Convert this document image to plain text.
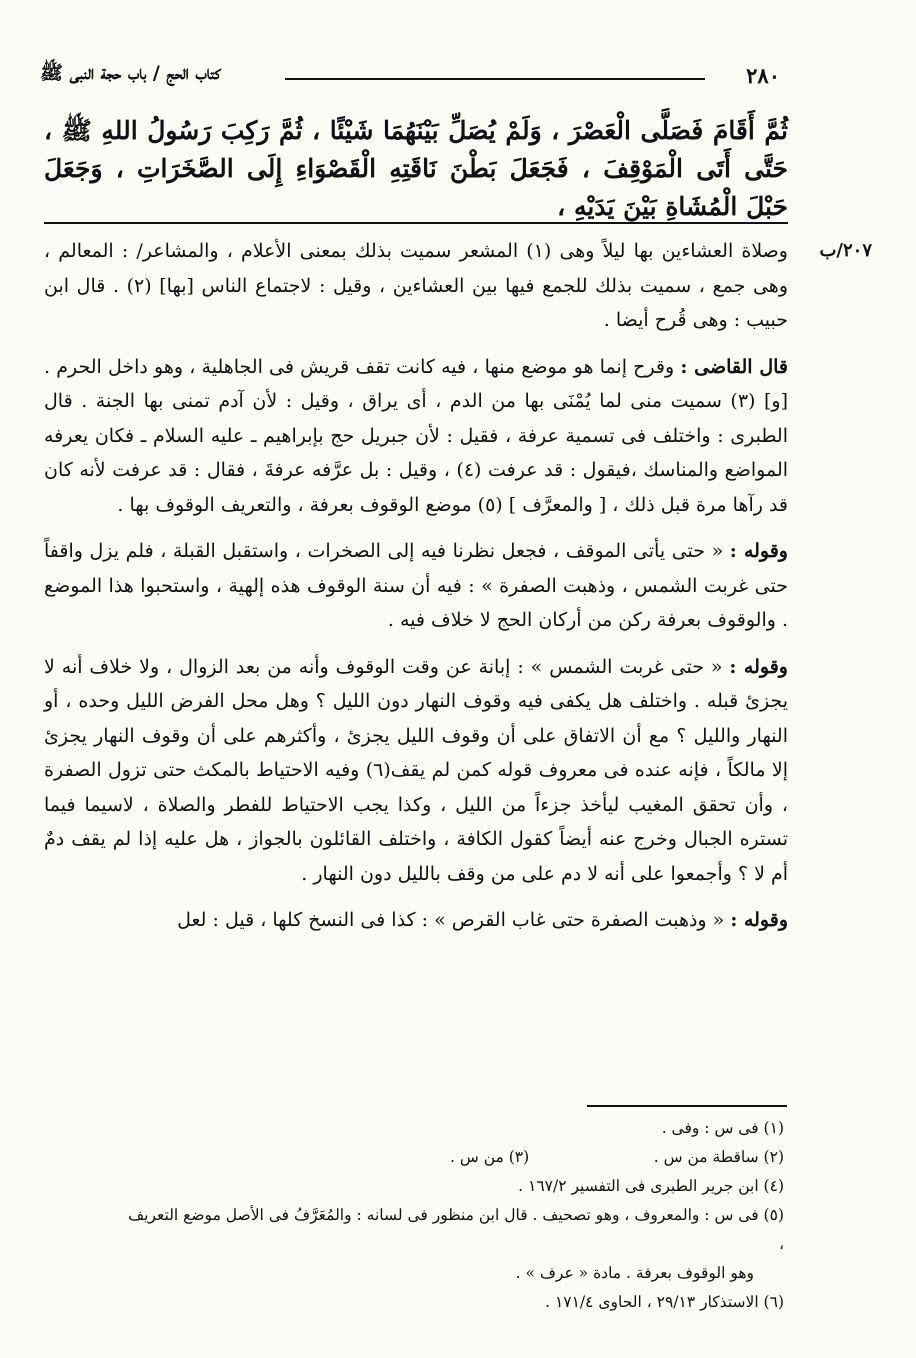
٢٨٠
كتاب الحج / باب حجة النبى ﷺ
ثُمَّ أَقَامَ فَصَلَّى الْعَصْرَ ، وَلَمْ يُصَلِّ بَيْنَهُمَا شَيْئًا ، ثُمَّ رَكِبَ رَسُولُ اللهِ ﷺ ، حَتَّى أَتَى الْمَوْقِفَ ، فَجَعَلَ بَطْنَ نَاقَتِهِ الْقَصْوَاءِ إِلَى الصَّخَرَاتِ ، وَجَعَلَ حَبْلَ الْمُشَاةِ بَيْنَ يَدَيْهِ ،
٢٠٧/ب

وصلاة العشاءين بها ليلاً وهى (١) المشعر سميت بذلك بمعنى الأعلام ، والمشاعر/ : المعالم ، وهى جمع ، سميت بذلك للجمع فيها بين العشاءين ، وقيل : لاجتماع الناس [بها] (٢) . قال ابن حبيب : وهى قُرح أيضا .

قال القاضى : وقرح إنما هو موضع منها ، فيه كانت تقف قريش فى الجاهلية ، وهو داخل الحرم . [و] (٣) سميت منى لما يُمْنَى بها من الدم ، أى يراق ، وقيل : لأن آدم تمنى بها الجنة . قال الطبرى : واختلف فى تسمية عرفة ، فقيل : لأن جبريل حج بإبراهيم ـ عليه السلام ـ فكان يعرفه المواضع والمناسك ،فيقول : قد عرفت (٤) ، وقيل : بل عرَّفه عرفةَ ، فقال : قد عرفت لأنه كان قد رآها مرة قبل ذلك ، [ والمعرَّف ] (٥) موضع الوقوف بعرفة ، والتعريف الوقوف بها .

وقوله : « حتى يأتى الموقف ، فجعل نظرنا فيه إلى الصخرات ، واستقبل القبلة ، فلم يزل واقفاً حتى غربت الشمس ، وذهبت الصفرة » : فيه أن سنة الوقوف هذه إلهية ، واستحبوا هذا الموضع . والوقوف بعرفة ركن من أركان الحج لا خلاف فيه .

وقوله : « حتى غربت الشمس » : إبانة عن وقت الوقوف وأنه من بعد الزوال ، ولا خلاف أنه لا يجزئ قبله . واختلف هل يكفى فيه وقوف النهار دون الليل ؟ وهل محل الفرض الليل وحده ، أو النهار والليل ؟ مع أن الاتفاق على أن وقوف الليل يجزئ ، وأكثرهم على أن وقوف النهار يجزئ إلا مالكاً ، فإنه عنده فى معروف قوله كمن لم يقف(٦) وفيه الاحتياط بالمكث حتى تزول الصفرة ، وأن تحقق المغيب ليأخذ جزءاً من الليل ، وكذا يجب الاحتياط للفطر والصلاة ، لاسيما فيما تستره الجبال وخرج عنه أيضاً كقول الكافة ، واختلف القائلون بالجواز ، هل عليه إذا لم يقف دمٌ أم لا ؟ وأجمعوا على أنه لا دم على من وقف بالليل دون النهار .

وقوله : « وذهبت الصفرة حتى غاب القرص » : كذا فى النسخ كلها ، قيل : لعل

(١) فى س : وفى .
(٢) ساقطة من س .
(٣) من س .
(٤) ابن جرير الطبرى فى التفسير ١٦٧/٢ .
(٥) فى س : والمعروف ، وهو تصحيف . قال ابن منظور فى لسانه : والمُعَرَّفُ فى الأصل موضع التعريف ،
وهو الوقوف بعرفة . مادة « عرف » .
(٦) الاستذكار ٢٩/١٣ ، الحاوى ١٧١/٤ .
